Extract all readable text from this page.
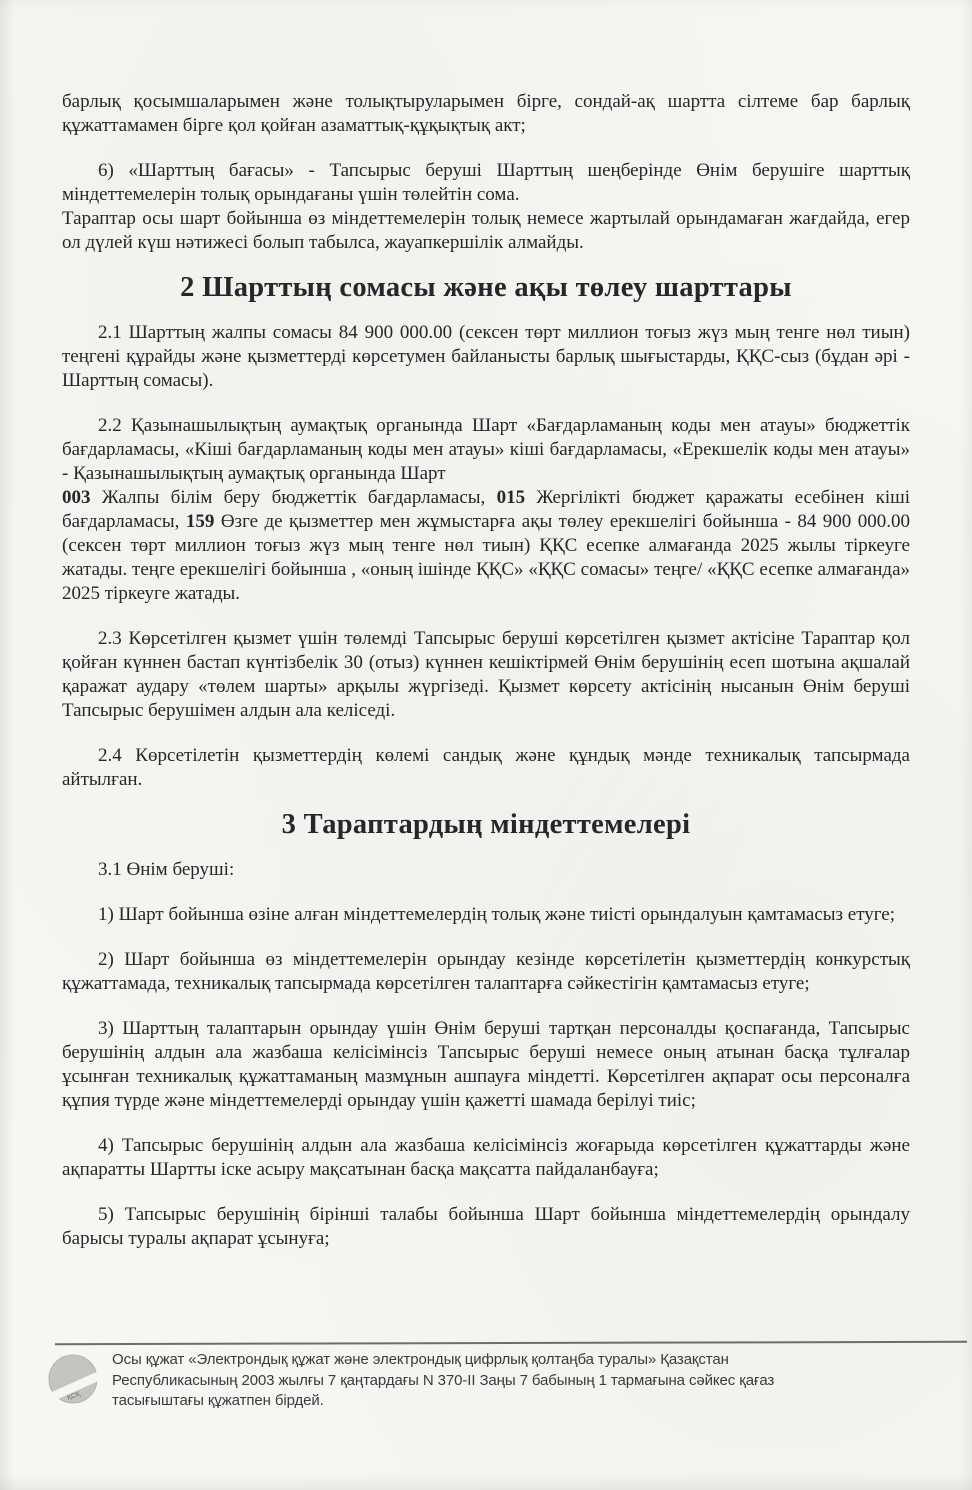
барлық қосымшаларымен және толықтыруларымен бірге, сондай-ақ шартта сілтеме бар барлық құжаттамамен бірге қол қойған азаматтық-құқықтық акт;

6) «Шарттың бағасы» - Тапсырыс беруші Шарттың шеңберінде Өнім берушіге шарттық міндеттемелерін толық орындағаны үшін төлейтін сома.

Тараптар осы шарт бойынша өз міндеттемелерін толық немесе жартылай орындамаған жағдайда, егер ол дүлей күш нәтижесі болып табылса, жауапкершілік алмайды.

2 Шарттың сомасы және ақы төлеу шарттары

2.1 Шарттың жалпы сомасы 84 900 000.00 (сексен төрт миллион тоғыз жүз мың тенге нөл тиын) теңгені құрайды және қызметтерді көрсетумен байланысты барлық шығыстарды, ҚҚС-сыз (бұдан әрі - Шарттың сомасы).

2.2 Қазынашылықтың аумақтық органында Шарт «Бағдарламаның коды мен атауы» бюджеттік бағдарламасы, «Кіші бағдарламаның коды мен атауы» кіші бағдарламасы, «Ерекшелік коды мен атауы» - Қазынашылықтың аумақтық органында Шарт
003 Жалпы білім беру бюджеттік бағдарламасы, 015 Жергілікті бюджет қаражаты есебінен кіші бағдарламасы, 159 Өзге де қызметтер мен жұмыстарға ақы төлеу ерекшелігі бойынша - 84 900 000.00 (сексен төрт миллион тоғыз жүз мың тенге нөл тиын) ҚҚС есепке алмағанда 2025 жылы тіркеуге жатады. теңге ерекшелігі бойынша , «оның ішінде ҚҚС» «ҚҚС сомасы» теңге/ «ҚҚС есепке алмағанда» 2025 тіркеуге жатады.

2.3 Көрсетілген қызмет үшін төлемді Тапсырыс беруші көрсетілген қызмет актісіне Тараптар қол қойған күннен бастап күнтізбелік 30 (отыз) күннен кешіктірмей Өнім берушінің есеп шотына ақшалай қаражат аудару «төлем шарты» арқылы жүргізеді. Қызмет көрсету актісінің нысанын Өнім беруші Тапсырыс берушімен алдын ала келіседі.

2.4 Көрсетілетін қызметтердің көлемі сандық және құндық мәнде техникалық тапсырмада айтылған.

3 Тараптардың міндеттемелері

3.1 Өнім беруші:

1) Шарт бойынша өзіне алған міндеттемелердің толық және тиісті орындалуын қамтамасыз етуге;

2) Шарт бойынша өз міндеттемелерін орындау кезінде көрсетілетін қызметтердің конкурстық құжаттамада, техникалық тапсырмада көрсетілген талаптарға сәйкестігін қамтамасыз етуге;

3) Шарттың талаптарын орындау үшін Өнім беруші тартқан персоналды қоспағанда, Тапсырыс берушінің алдын ала жазбаша келісімінсіз Тапсырыс беруші немесе оның атынан басқа тұлғалар ұсынған техникалық құжаттаманың мазмұнын ашпауға міндетті. Көрсетілген ақпарат осы персоналға құпия түрде және міндеттемелерді орындау үшін қажетті шамада берілуі тиіс;

4) Тапсырыс берушінің алдын ала жазбаша келісімінсіз жоғарыда көрсетілген құжаттарды және ақпаратты Шартты іске асыру мақсатынан басқа мақсатта пайдаланбауға;

5) Тапсырыс берушінің бірінші талабы бойынша Шарт бойынша міндеттемелердің орындалу барысы туралы ақпарат ұсынуға;

ҚСҚ
Осы құжат «Электрондық құжат және электрондық цифрлық қолтаңба туралы» Қазақстан
Республикасының 2003 жылғы 7 қаңтардағы N 370-II Заңы 7 бабының 1 тармағына сәйкес қағаз
тасығыштағы құжатпен бірдей.
